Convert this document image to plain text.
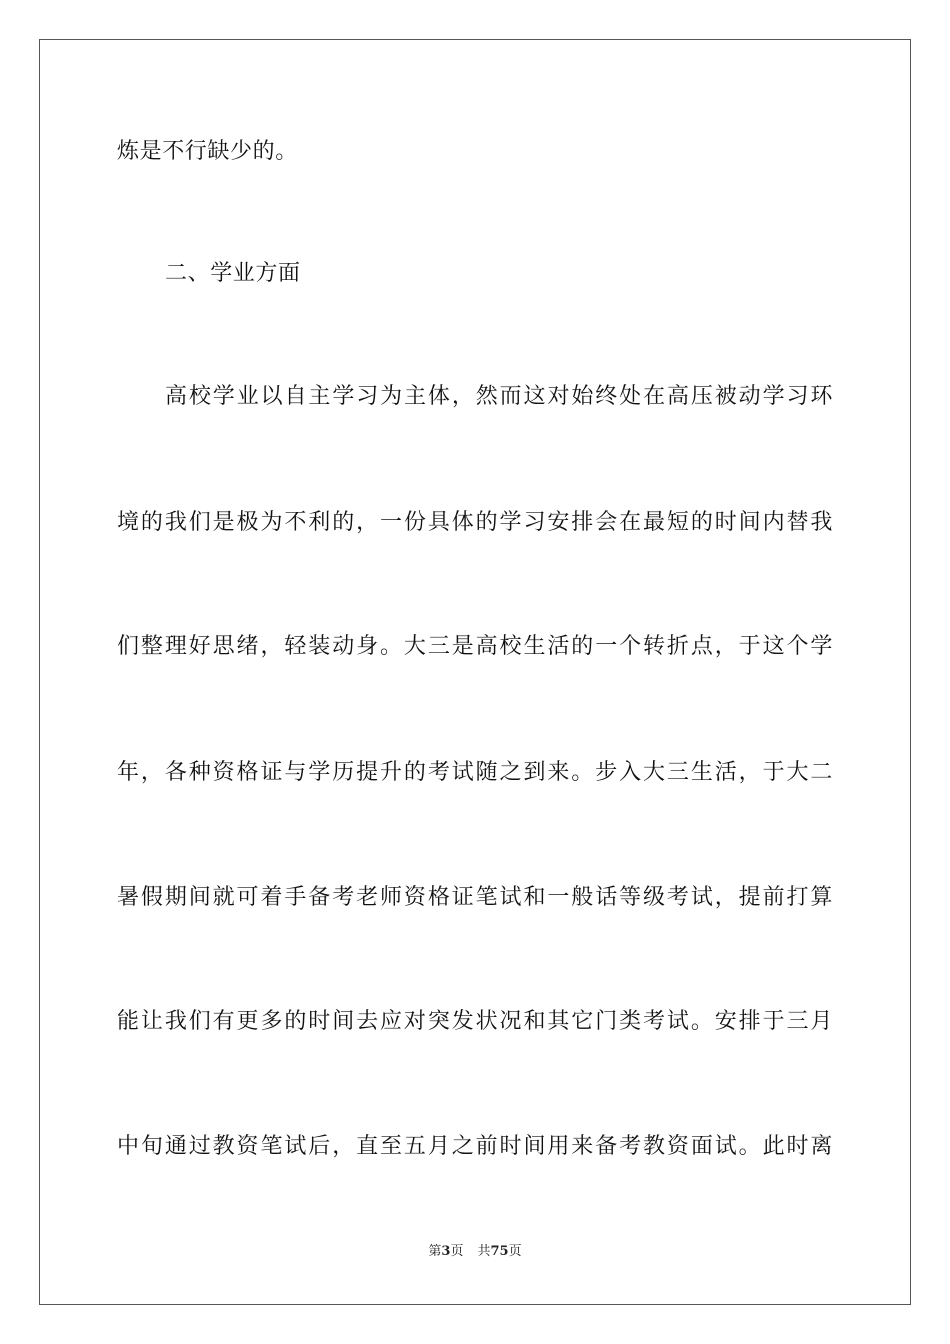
炼是不行缺少的。
二、学业方面
高校学业以自主学习为主体，然而这对始终处在高压被动学习环
境的我们是极为不利的，一份具体的学习安排会在最短的时间内替我
们整理好思绪，轻装动身。大三是高校生活的一个转折点，于这个学
年，各种资格证与学历提升的考试随之到来。步入大三生活，于大二
暑假期间就可着手备考老师资格证笔试和一般话等级考试，提前打算
能让我们有更多的时间去应对突发状况和其它门类考试。安排于三月
中旬通过教资笔试后，直至五月之前时间用来备考教资面试。此时离
第3页 共75页
